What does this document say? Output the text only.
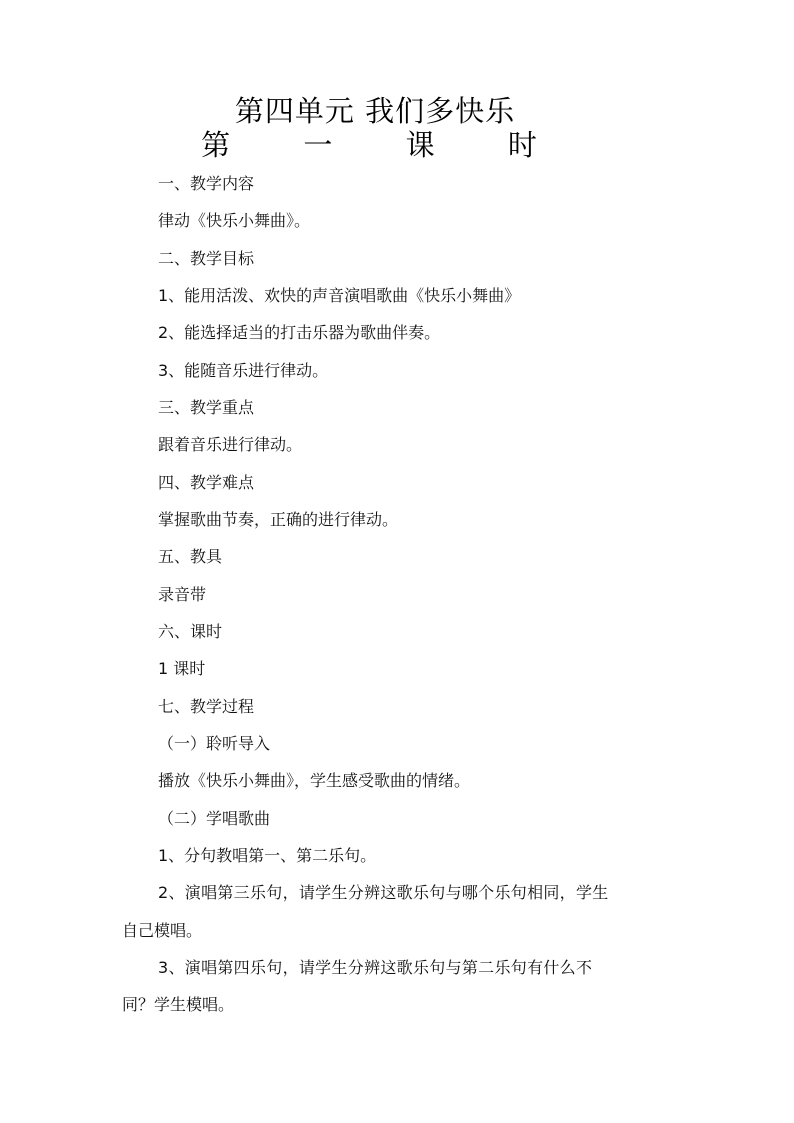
第四单元 我们多快乐
第 一 课 时
一、教学内容
律动《快乐小舞曲》。
二、教学目标
1、能用活泼、欢快的声音演唱歌曲《快乐小舞曲》
2、能选择适当的打击乐器为歌曲伴奏。
3、能随音乐进行律动。
三、教学重点
跟着音乐进行律动。
四、教学难点
掌握歌曲节奏，正确的进行律动。
五、教具
录音带
六、课时
1 课时
七、教学过程
（一）聆听导入
播放《快乐小舞曲》，学生感受歌曲的情绪。
（二）学唱歌曲
1、分句教唱第一、第二乐句。
2、演唱第三乐句，请学生分辨这歌乐句与哪个乐句相同，学生
自己模唱。
3、演唱第四乐句，请学生分辨这歌乐句与第二乐句有什么不
同？学生模唱。
